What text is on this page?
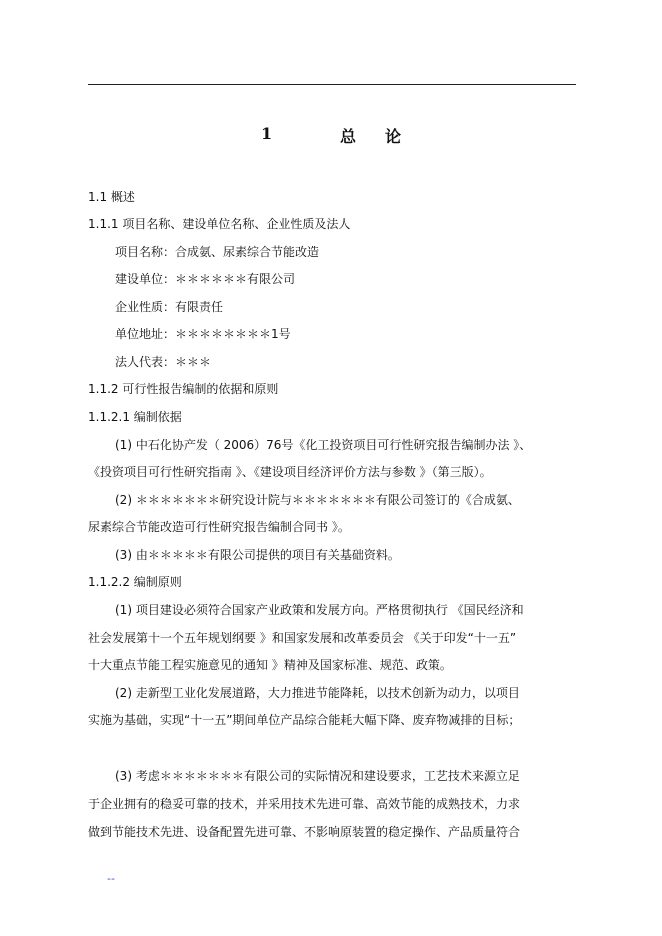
1	总 论
1.1 概述
1.1.1 项目名称、建设单位名称、企业性质及法人
项目名称：合成氨、尿素综合节能改造
建设单位：＊＊＊＊＊＊有限公司
企业性质：有限责任
单位地址：＊＊＊＊＊＊＊＊1号
法人代表：＊＊＊
1.1.2 可行性报告编制的依据和原则
1.1.2.1 编制依据
(1) 中石化协产发（ 2006）76号《化工投资项目可行性研究报告编制办法 》、
《投资项目可行性研究指南 》、《建设项目经济评价方法与参数 》（第三版）。
(2) ＊＊＊＊＊＊＊研究设计院与＊＊＊＊＊＊＊有限公司签订的《合成氨、
尿素综合节能改造可行性研究报告编制合同书 》。
(3) 由＊＊＊＊＊有限公司提供的项目有关基础资料。
1.1.2.2 编制原则
(1) 项目建设必须符合国家产业政策和发展方向。严格贯彻执行 《国民经济和
社会发展第十一个五年规划纲要 》和国家发展和改革委员会 《关于印发“十一五”
十大重点节能工程实施意见的通知 》精神及国家标准、规范、政策。
(2) 走新型工业化发展道路，大力推进节能降耗，以技术创新为动力，以项目
实施为基础，实现“十一五”期间单位产品综合能耗大幅下降、废弃物减排的目标；
(3) 考虑＊＊＊＊＊＊＊有限公司的实际情况和建设要求，工艺技术来源立足
于企业拥有的稳妥可靠的技术，并采用技术先进可靠、高效节能的成熟技术，力求
做到节能技术先进、设备配置先进可靠、不影响原装置的稳定操作、产品质量符合
--
